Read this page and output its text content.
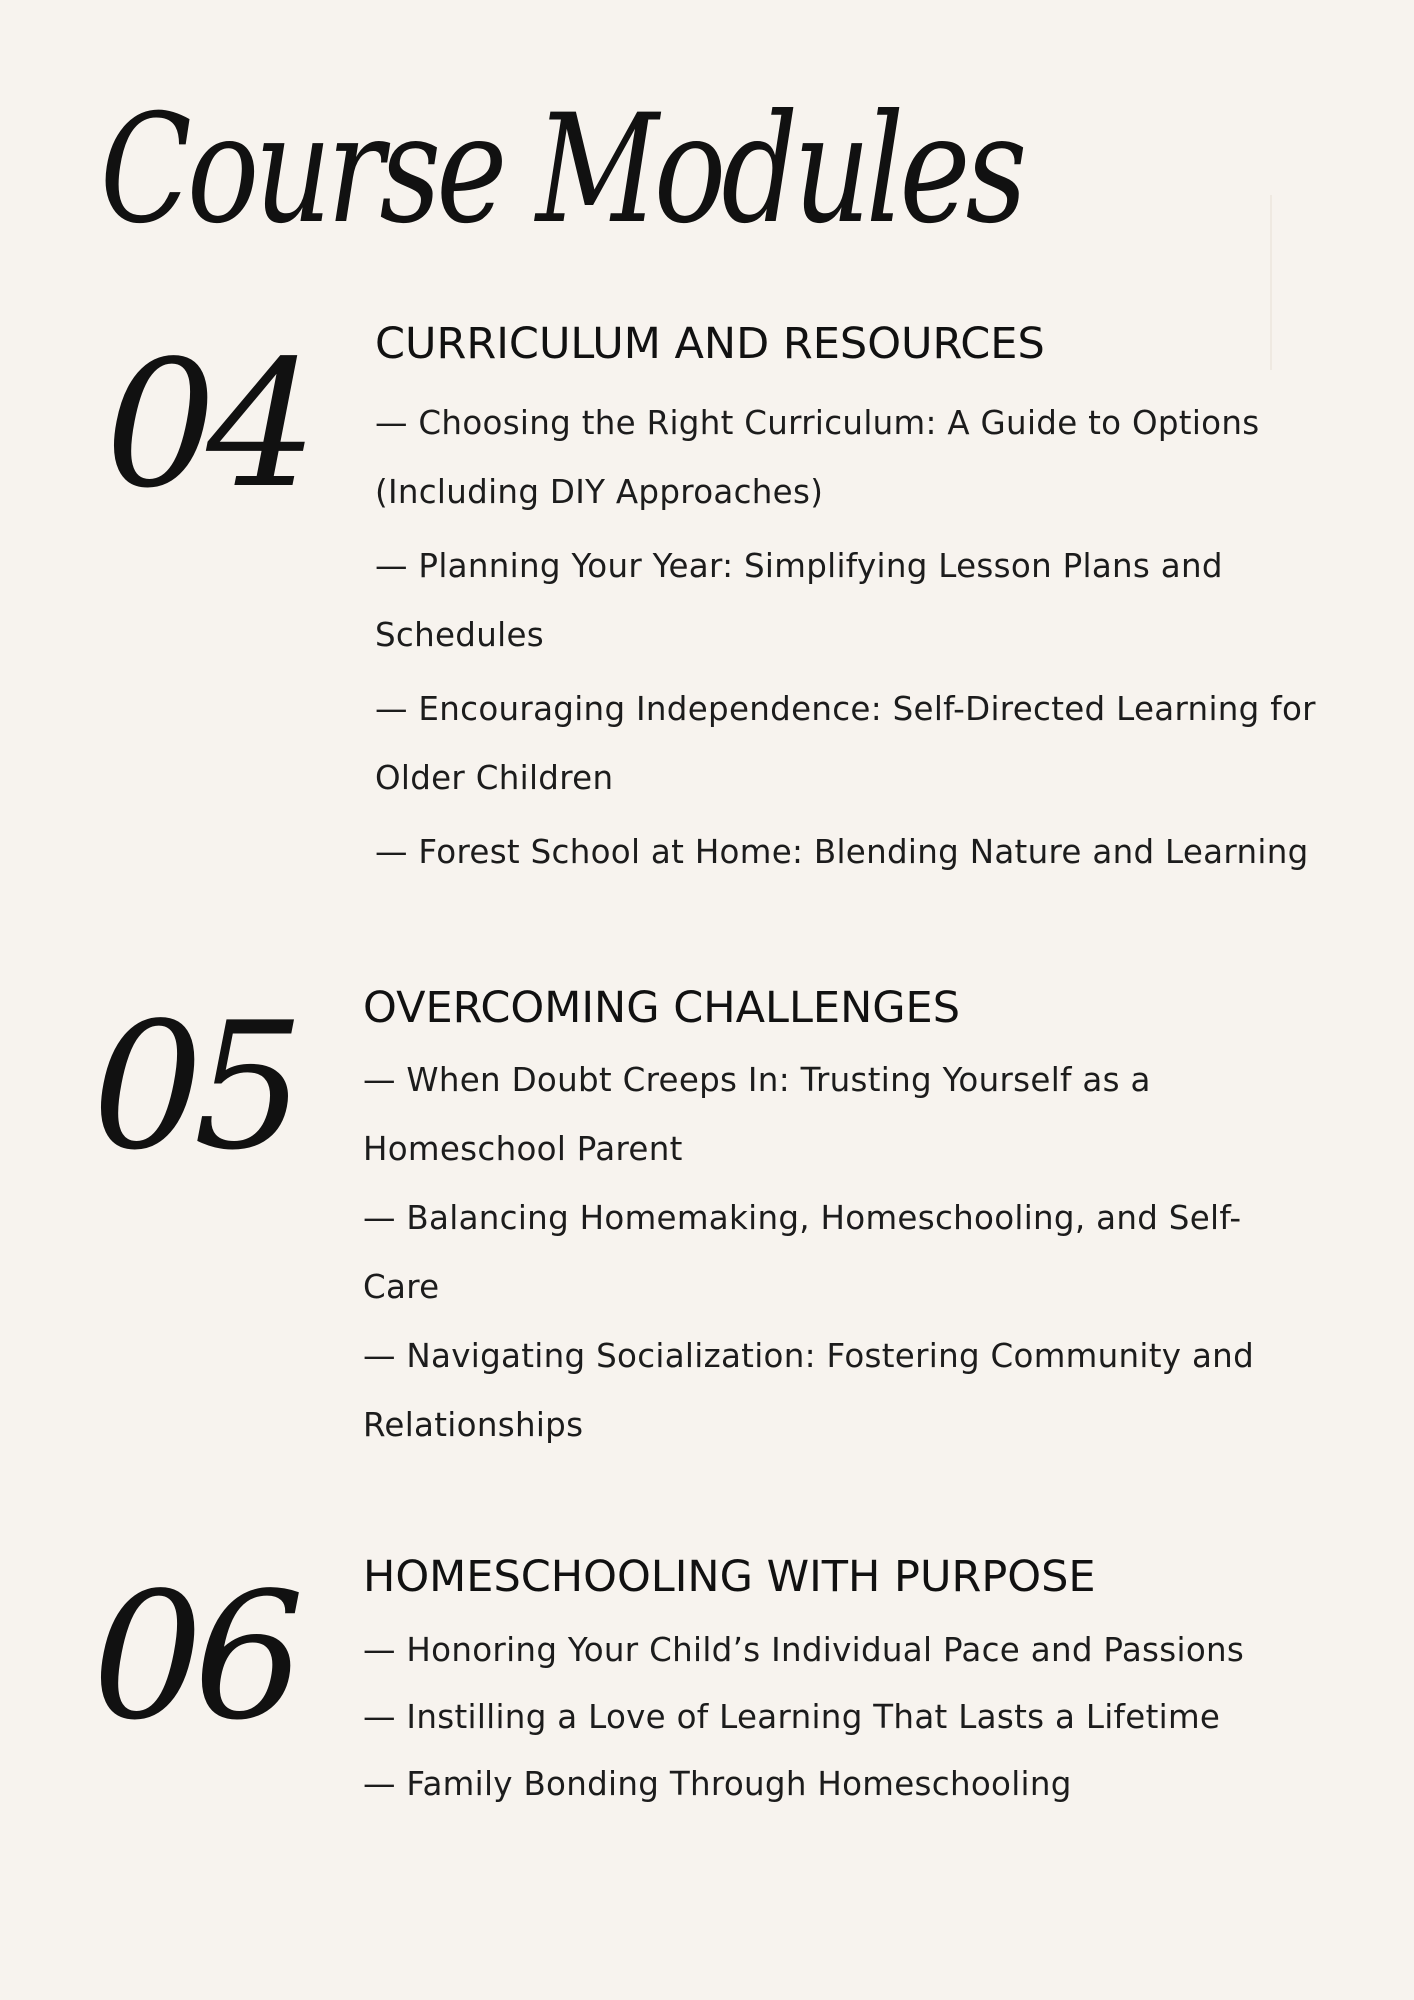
Course Modules
04 CURRICULUM AND RESOURCES
— Choosing the Right Curriculum: A Guide to Options (Including DIY Approaches)
— Planning Your Year: Simplifying Lesson Plans and Schedules
— Encouraging Independence: Self-Directed Learning for Older Children
— Forest School at Home: Blending Nature and Learning
05 OVERCOMING CHALLENGES
— When Doubt Creeps In: Trusting Yourself as a Homeschool Parent
— Balancing Homemaking, Homeschooling, and Self-Care
— Navigating Socialization: Fostering Community and Relationships
06 HOMESCHOOLING WITH PURPOSE
— Honoring Your Child’s Individual Pace and Passions
— Instilling a Love of Learning That Lasts a Lifetime
— Family Bonding Through Homeschooling
